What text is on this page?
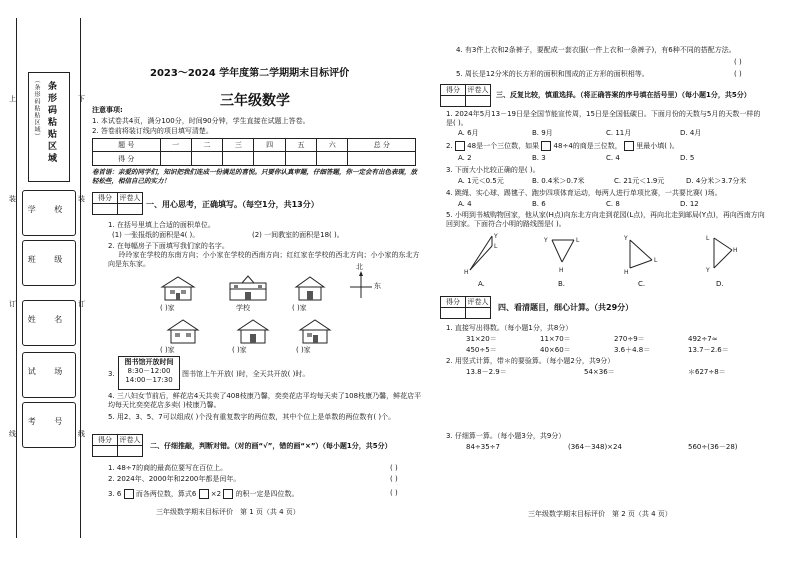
上
装
订
线
下
装
订
线
（条形码粘贴区域） 条形码粘贴区域
学 校
班 级
姓 名
试 场
考 号
2023～2024 学年度第二学期期末目标评价
三年级数学
注意事项:
1. 本试卷共4页，满分100分，时间90分钟，学生直接在试题上答卷。
2. 答卷前将装订线内的项目填写清楚。
题 号	一	二	三	四	五	六	总 分
得 分							
卷首语：亲爱的同学们，知识把我们连成一份满足的喜悦。只要你认真审题，仔细答题，你一定会有出色表现，放轻松些，相信自己的实力！
得分	评卷人

一、用心思考，正确填写。（每空1分，共13分）
1. 在括号里填上合适的面积单位。
(1) 一张报纸的面积是4( )。	(2) 一间教室的面积是18( )。
2. 在每幅房子下面填写我们家的名字。
玲玲家在学校的东南方向；小小家在学校的西南方向；红红家在学校的西北方向；小小家的东北方向是东东家。	北
东
( )家	学校	( )家
( )家	( )家	( )家
3.
图书馆开放时间
8:30－12:00
14:00－17:30
图书馆上午开放( )时，全天共开放( )时。
4. 三八妇女节前后，鲜花店4天共卖了408枝康乃馨，奕奕花店平均每天卖了108枝康乃馨，鲜花店平均每天比奕奕花店多卖( )枝康乃馨。
5. 用2、3、5、7可以组成( )个没有重复数字的两位数，其中个位上是单数的两位数有( )个。
得分	评卷人

二、仔细推敲，判断对错。（对的画“√”，错的画“×”）（每小题1分，共5分）
1. 48÷7的商的最高位要写在百位上。	( )
2. 2024年、2000年和2200年都是闰年。	( )
3. 6 而各两位数，算式6 ×2 的积一定是四位数。	( )
三年级数学期末目标评价　第 1 页（共 4 页）
4. 有3件上衣和2条裤子，要配成一套衣服(一件上衣和一条裤子)，有6种不同的搭配方法。
( )
5. 周长是12分米的长方形的面积和围成的正方形的面积相等。	( )
得分	评卷人

三、反复比较，慎重选择。（将正确答案的序号填在括号里）（每小题1分，共5分）
1. 2024年5月13－19日是全国节能宣传周，15日是全国低碳日。下面月份的天数与5月的天数一样的是( )。
A. 6月	B. 9月	C. 11月	D. 4月
2. 48是一个三位数，如果 48÷4的商是三位数， 里最小填( )。
A. 2	B. 3	C. 4	D. 5
3. 下面大小比较正确的是( )。
A. 1元＜0.5元	B. 0.4米＞0.7米	C. 21元＜1.9元	D. 4分米＞3.7分米
4. 跳绳、实心球、踢毽子、跑步四项体育运动，每两人进行单项比赛，一共要比赛( )场。
A. 4	B. 6	C. 8	D. 12
5. 小明到书城购物回家，他从家(H点)向东北方向走到花园(L点)，再向北走到邮局(Y点)，再向西南方向回到家。下面符合小明的路线图是( )。
H
L
Y
Y
H
L	Y
L
H
L
Y
H
A.	B.	C.	D.
得分	评卷人

四、看清题目，细心计算。（共29分）
1. 直接写出得数。（每小题1分，共8分）
31×20＝	11×70＝	270÷9＝	492÷7≈
450÷5＝	40×60＝	3.6＋4.8＝	13.7－2.6＝
2. 用竖式计算，带＊的要验算。（每小题2分，共9分）
13.8－2.9＝	54×36＝	＊627÷8＝
3. 仔细算一算。（每小题3分，共9分）
84÷35÷7	(364－348)×24	560÷(36－28)
三年级数学期末目标评价　第 2 页（共 4 页）
